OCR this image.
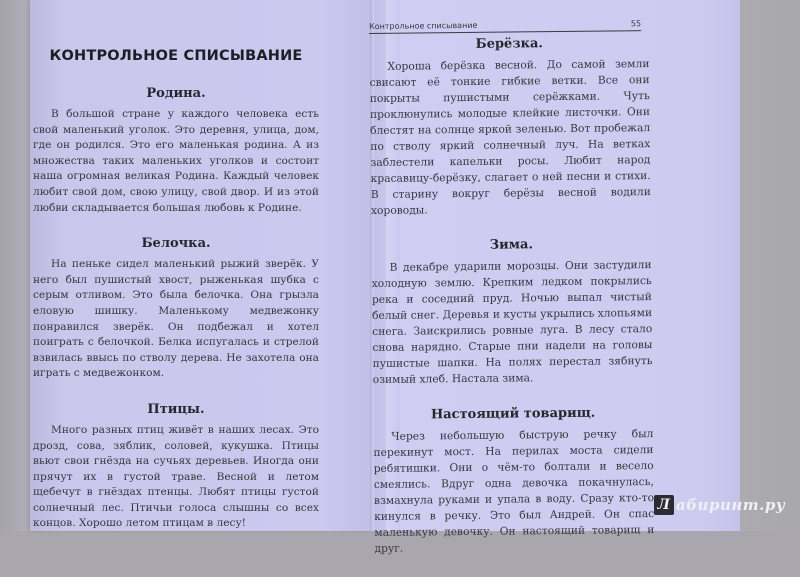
КОНТРОЛЬНОЕ СПИСЫВАНИЕ
Родина.

В большой стране у каждого человека есть свой маленький уголок. Это деревня, улица, дом, где он родился. Это его маленькая родина. А из множества таких маленьких уголков и состоит наша огромная великая Родина. Каждый человек любит свой дом, свою улицу, свой двор. И из этой любви складывается большая любовь к Родине.

Белочка.

На пеньке сидел маленький рыжий зверёк. У него был пушистый хвост, рыженькая шубка с серым отливом. Это была белочка. Она грызла еловую шишку. Маленькому медвежонку понравился зверёк. Он подбежал и хотел поиграть с белочкой. Белка испугалась и стрелой взвилась ввысь по стволу дерева. Не захотела она играть с медвежонком.

Птицы.

Много разных птиц живёт в наших лесах. Это дрозд, сова, зяблик, соловей, кукушка. Птицы вьют свои гнёзда на сучьях деревьев. Иногда они прячут их в густой траве. Весной и летом щебечут в гнёздах птенцы. Любят птицы густой солнечный лес. Птичьи голоса слышны со всех концов. Хорошо летом птицам в лесу!

Контрольное списывание	55
Берёзка.

Хороша берёзка весной. До самой земли свисают её тонкие гибкие ветки. Все они покрыты пушистыми серёжками. Чуть проклюнулись молодые клейкие листочки. Они блестят на солнце яркой зеленью. Вот пробежал по стволу яркий солнечный луч. На ветках заблестели капельки росы. Любит народ красавицу-берёзку, слагает о ней песни и стихи. В старину вокруг берёзы весной водили хороводы.

Зима.

В декабре ударили морозцы. Они застудили холодную землю. Крепким ледком покрылись река и соседний пруд. Ночью выпал чистый белый снег. Деревья и кусты укрылись хлопьями снега. Заискрились ровные луга. В лесу стало снова нарядно. Старые пни надели на головы пушистые шапки. На полях перестал зябнуть озимый хлеб. Настала зима.

Настоящий товарищ.

Через небольшую быструю речку был перекинут мост. На перилах моста сидели ребятишки. Они о чём-то болтали и весело смеялись. Вдруг одна девочка покачнулась, взмахнула руками и упала в воду. Сразу кто-то кинулся в речку. Это был Андрей. Он спас маленькую девочку. Он настоящий товарищ и друг.

Л абиринт.ру
